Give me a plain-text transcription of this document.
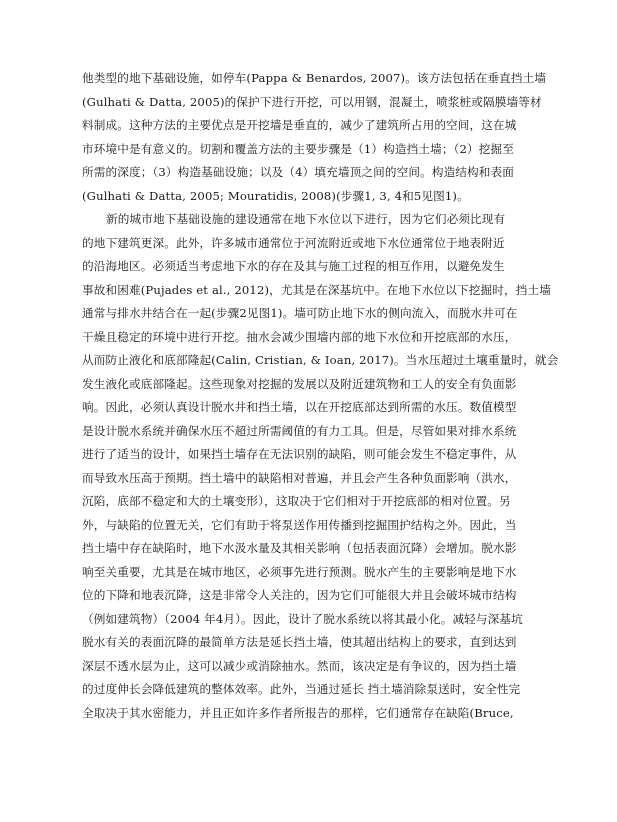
他类型的地下基础设施，如停车(Pappa & Benardos, 2007)。该方法包括在垂直挡土墙
(Gulhati & Datta, 2005)的保护下进行开挖，可以用钢，混凝土，喷浆桩或隔膜墙等材
料制成。这种方法的主要优点是开挖墙是垂直的，减少了建筑所占用的空间，这在城
市环境中是有意义的。切割和覆盖方法的主要步骤是（1）构造挡土墙；（2）挖掘至
所需的深度；（3）构造基础设施；以及（4）填充墙顶之间的空间。构造结构和表面
(Gulhati & Datta, 2005; Mouratidis, 2008)(步骤1, 3, 4和5见图1)。
新的城市地下基础设施的建设通常在地下水位以下进行，因为它们必须比现有
的地下建筑更深。此外，许多城市通常位于河流附近或地下水位通常位于地表附近
的沿海地区。必须适当考虑地下水的存在及其与施工过程的相互作用，以避免发生
事故和困难(Pujades et al., 2012)，尤其是在深基坑中。在地下水位以下挖掘时，挡土墙
通常与排水井结合在一起(步骤2见图1)。墙可防止地下水的侧向流入，而脱水井可在
干燥且稳定的环境中进行开挖。抽水会减少围墙内部的地下水位和开挖底部的水压，
从而防止液化和底部隆起(Calin, Cristian, & Ioan, 2017)。当水压超过土壤重量时，就会
发生液化或底部隆起。这些现象对挖掘的发展以及附近建筑物和工人的安全有负面影
响。因此，必须认真设计脱水井和挡土墙，以在开挖底部达到所需的水压。数值模型
是设计脱水系统并确保水压不超过所需阈值的有力工具。但是，尽管如果对排水系统
进行了适当的设计，如果挡土墙存在无法识别的缺陷，则可能会发生不稳定事件，从
而导致水压高于预期。挡土墙中的缺陷相对普遍，并且会产生各种负面影响（洪水，
沉陷，底部不稳定和大的土壤变形），这取决于它们相对于开挖底部的相对位置。另
外，与缺陷的位置无关，它们有助于将泵送作用传播到挖掘围护结构之外。因此，当
挡土墙中存在缺陷时，地下水汲水量及其相关影响（包括表面沉降）会增加。脱水影
响至关重要，尤其是在城市地区，必须事先进行预测。脱水产生的主要影响是地下水
位的下降和地表沉降，这是非常令人关注的，因为它们可能很大并且会破坏城市结构
（例如建筑物）（2004 年4月）。因此，设计了脱水系统以将其最小化。减轻与深基坑
脱水有关的表面沉降的最简单方法是延长挡土墙，使其超出结构上的要求，直到达到
深层不透水层为止，这可以减少或消除抽水。然而，该决定是有争议的，因为挡土墙
的过度伸长会降低建筑的整体效率。此外，当通过延长 挡土墙消除泵送时，安全性完
全取决于其水密能力，并且正如许多作者所报告的那样，它们通常存在缺陷(Bruce,
